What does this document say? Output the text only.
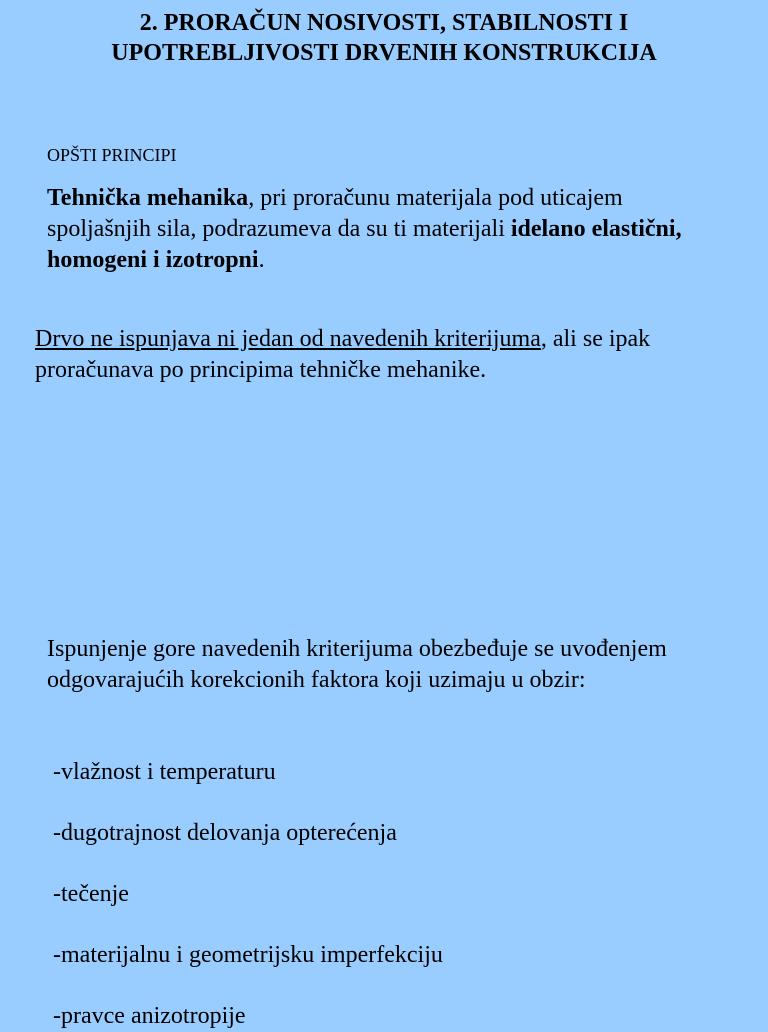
2. PRORAČUN NOSIVOSTI, STABILNOSTI I
UPOTREBLJIVOSTI DRVENIH KONSTRUKCIJA
OPŠTI PRINCIPI
Tehnička mehanika, pri proračunu materijala pod uticajem spoljašnjih sila, podrazumeva da su ti materijali idelano elastični, homogeni i izotropni.
Drvo ne ispunjava ni jedan od navedenih kriterijuma, ali se ipak proračunava po principima tehničke mehanike.
Ispunjenje gore navedenih kriterijuma obezbeđuje se uvođenjem odgovarajućih korekcionih faktora koji uzimaju u obzir:
-vlažnost i temperaturu
-dugotrajnost delovanja opterećenja
-tečenje
-materijalnu i geometrijsku imperfekciju
-pravce anizotropije
